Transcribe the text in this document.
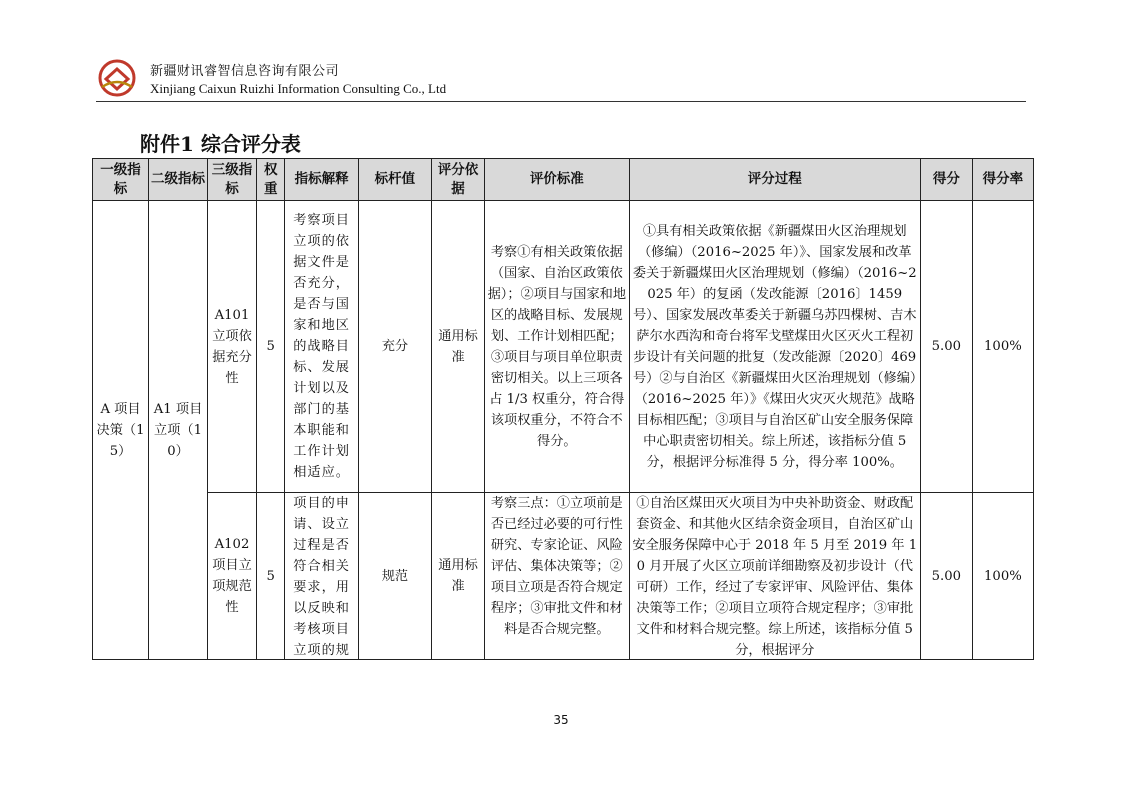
新疆财讯睿智信息咨询有限公司
Xinjiang Caixun Ruizhi Information Consulting Co., Ltd
附件1 综合评分表
一级指标	二级指标	三级指标	权重	指标解释	标杆值	评分依据	评价标准	评分过程	得分	得分率
A 项目决策（15）	A1 项目立项（10）	A101立项依据充分性	5	考察项目立项的依据文件是否充分，是否与国家和地区的战略目标、发展计划以及部门的基本职能和工作计划相适应。	充分	通用标准	考察①有相关政策依据（国家、自治区政策依据）；②项目与国家和地区的战略目标、发展规划、工作计划相匹配；③项目与项目单位职责密切相关。以上三项各占 1/3 权重分，符合得该项权重分，不符合不得分。	①具有相关政策依据《新疆煤田火区治理规划（修编）（2016~2025 年）》、国家发展和改革委关于新疆煤田火区治理规划（修编）（2016~2025 年）的复函（发改能源〔2016〕1459 号）、国家发展改革委关于新疆乌苏四棵树、吉木萨尔水西沟和奇台将军戈壁煤田火区灭火工程初步设计有关问题的批复（发改能源〔2020〕469 号）②与自治区《新疆煤田火区治理规划（修编）（2016~2025 年）》《煤田火灾灭火规范》战略目标相匹配；③项目与自治区矿山安全服务保障中心职责密切相关。综上所述，该指标分值 5 分，根据评分标准得 5 分，得分率 100%。	5.00	100%
		A102项目立项规范性	5	项目的申请、设立过程是否符合相关要求，用以反映和考核项目立项的规	规范	通用标准	考察三点：①立项前是否已经过必要的可行性研究、专家论证、风险评估、集体决策等；②项目立项是否符合规定程序；③审批文件和材料是否合规完整。	①自治区煤田灭火项目为中央补助资金、财政配套资金、和其他火区结余资金项目，自治区矿山安全服务保障中心于 2018 年 5 月至 2019 年 10 月开展了火区立项前详细勘察及初步设计（代可研）工作，经过了专家评审、风险评估、集体决策等工作；②项目立项符合规定程序；③审批文件和材料合规完整。综上所述，该指标分值 5 分，根据评分	5.00	100%
35
